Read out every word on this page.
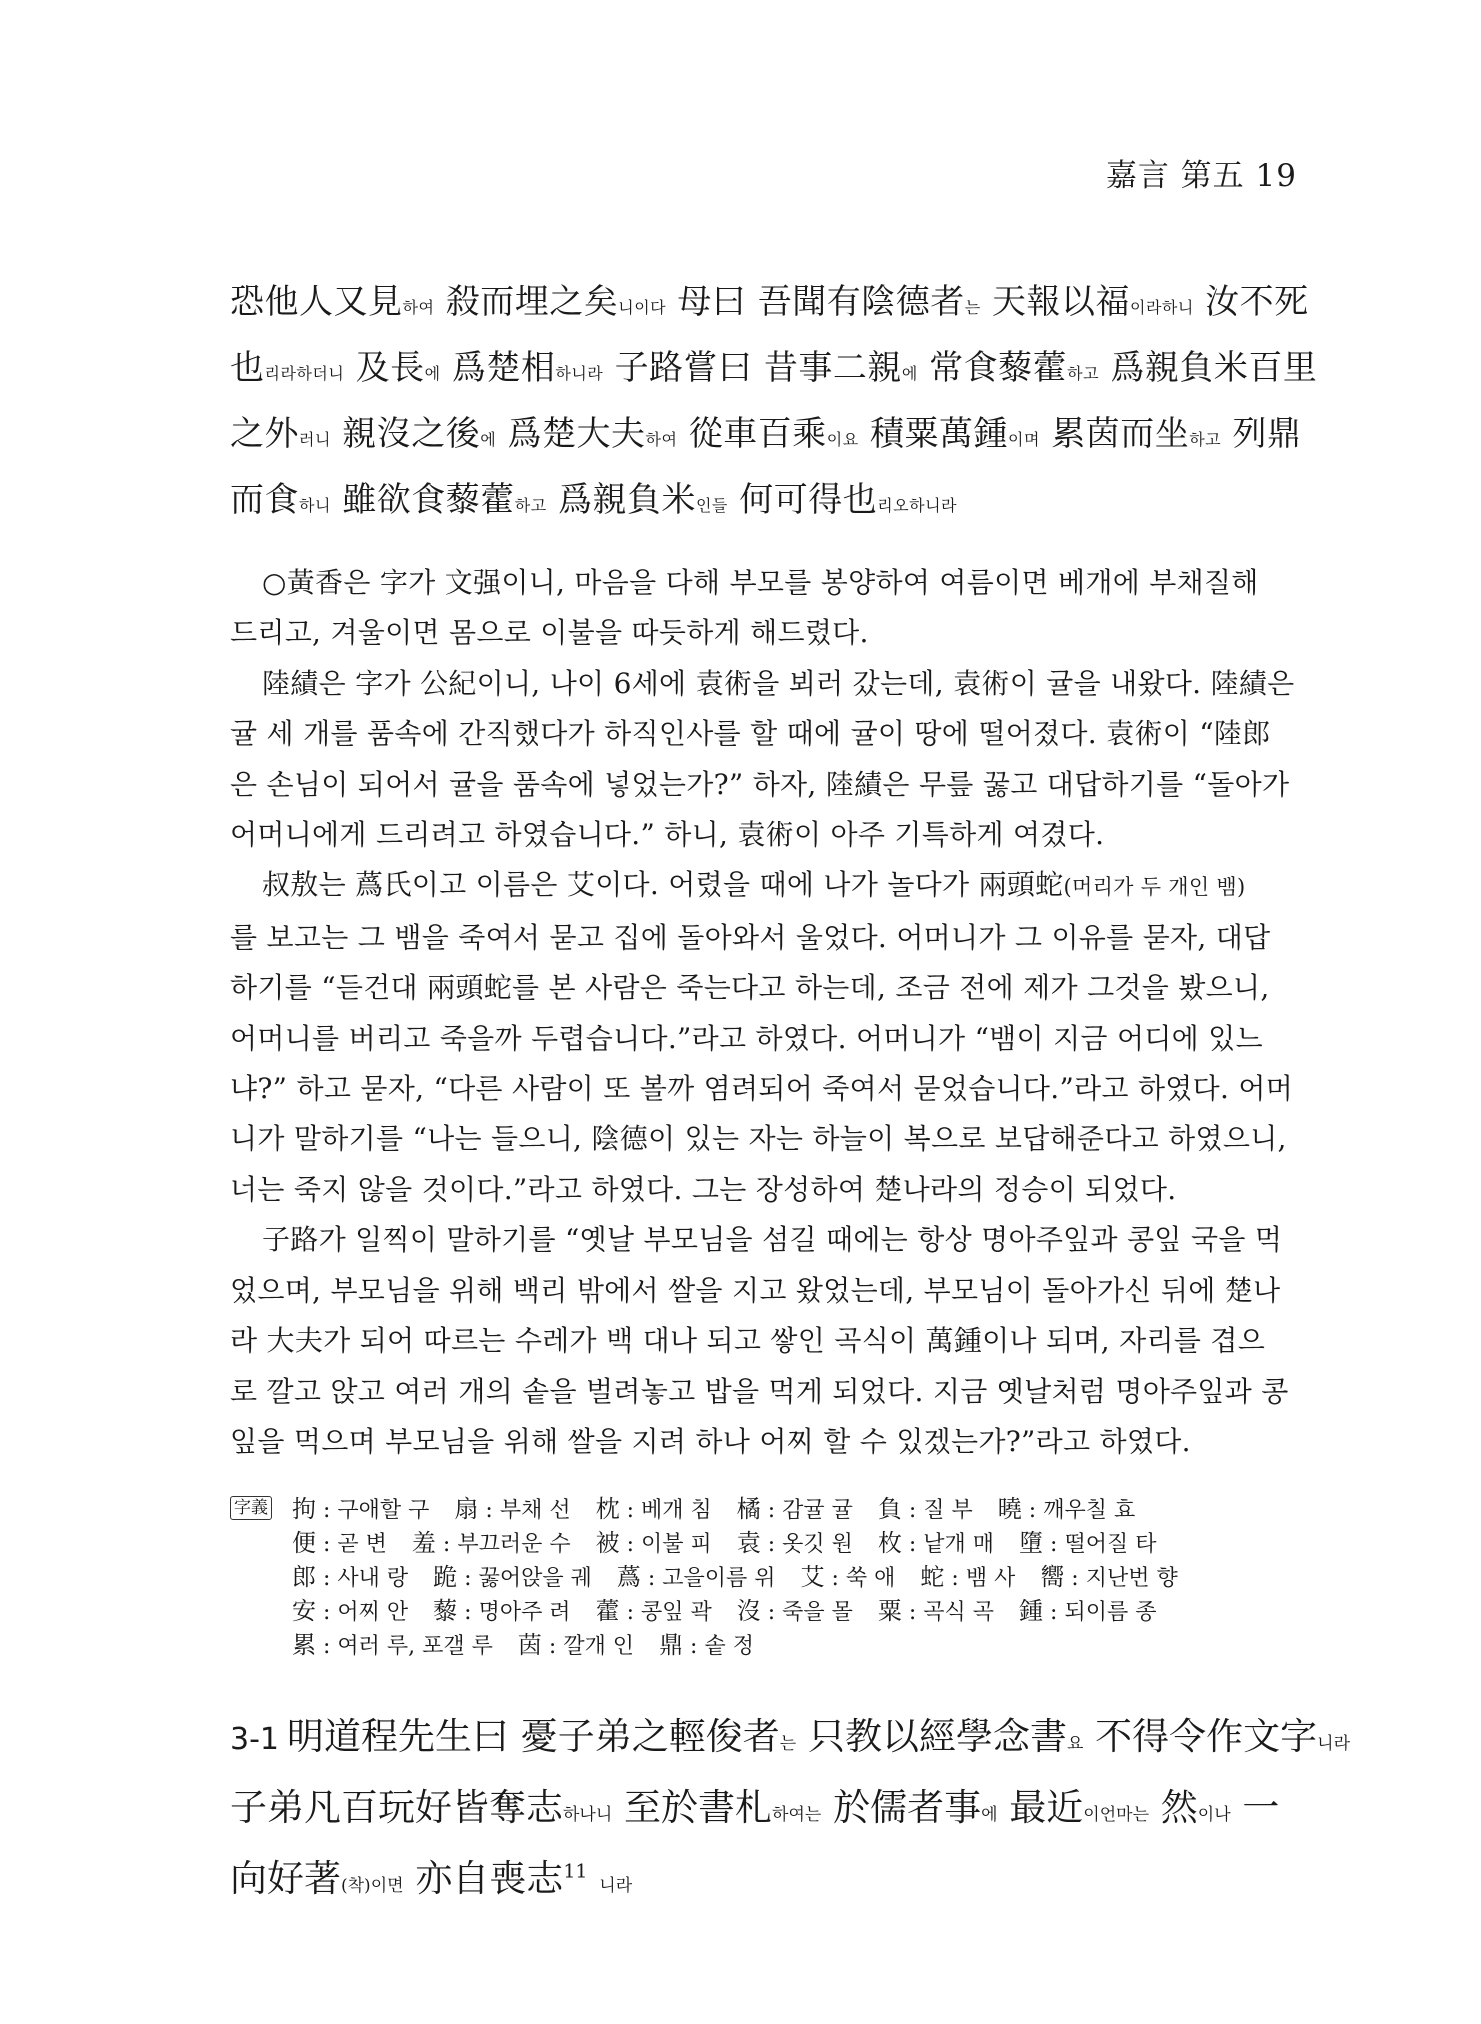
嘉言 第五 19
恐他人又見하여 殺而埋之矣니이다 母曰 吾聞有陰德者는 天報以福이라하니 汝不死
也리라하더니 及長에 爲楚相하니라 子路嘗曰 昔事二親에 常食藜藿하고 爲親負米百里
之外러니 親沒之後에 爲楚大夫하여 從車百乘이요 積粟萬鍾이며 累茵而坐하고 列鼎
而食하니 雖欲食藜藿하고 爲親負米인들 何可得也리오하니라
○黃香은 字가 文强이니, 마음을 다해 부모를 봉양하여 여름이면 베개에 부채질해
드리고, 겨울이면 몸으로 이불을 따듯하게 해드렸다.
陸績은 字가 公紀이니, 나이 6세에 袁術을 뵈러 갔는데, 袁術이 귤을 내왔다. 陸績은
귤 세 개를 품속에 간직했다가 하직인사를 할 때에 귤이 땅에 떨어졌다. 袁術이 “陸郎
은 손님이 되어서 귤을 품속에 넣었는가?” 하자, 陸績은 무릎 꿇고 대답하기를 “돌아가
어머니에게 드리려고 하였습니다.” 하니, 袁術이 아주 기특하게 여겼다.
叔敖는 蔿氏이고 이름은 艾이다. 어렸을 때에 나가 놀다가 兩頭蛇(머리가 두 개인 뱀)
를 보고는 그 뱀을 죽여서 묻고 집에 돌아와서 울었다. 어머니가 그 이유를 묻자, 대답
하기를 “듣건대 兩頭蛇를 본 사람은 죽는다고 하는데, 조금 전에 제가 그것을 봤으니,
어머니를 버리고 죽을까 두렵습니다.”라고 하였다. 어머니가 “뱀이 지금 어디에 있느
냐?” 하고 묻자, “다른 사람이 또 볼까 염려되어 죽여서 묻었습니다.”라고 하였다. 어머
니가 말하기를 “나는 들으니, 陰德이 있는 자는 하늘이 복으로 보답해준다고 하였으니,
너는 죽지 않을 것이다.”라고 하였다. 그는 장성하여 楚나라의 정승이 되었다.
子路가 일찍이 말하기를 “옛날 부모님을 섬길 때에는 항상 명아주잎과 콩잎 국을 먹
었으며, 부모님을 위해 백리 밖에서 쌀을 지고 왔었는데, 부모님이 돌아가신 뒤에 楚나
라 大夫가 되어 따르는 수레가 백 대나 되고 쌓인 곡식이 萬鍾이나 되며, 자리를 겹으
로 깔고 앉고 여러 개의 솥을 벌려놓고 밥을 먹게 되었다. 지금 옛날처럼 명아주잎과 콩
잎을 먹으며 부모님을 위해 쌀을 지려 하나 어찌 할 수 있겠는가?”라고 하였다.
字義 拘 : 구애할 구 扇 : 부채 선 枕 : 베개 침 橘 : 감귤 귤 負 : 질 부 曉 : 깨우칠 효
便 : 곧 변 羞 : 부끄러운 수 被 : 이불 피 袁 : 옷깃 원 枚 : 낱개 매 墮 : 떨어질 타
郎 : 사내 랑 跪 : 꿇어앉을 궤 蔿 : 고을이름 위 艾 : 쑥 애 蛇 : 뱀 사 嚮 : 지난번 향
安 : 어찌 안 藜 : 명아주 려 藿 : 콩잎 곽 沒 : 죽을 몰 粟 : 곡식 곡 鍾 : 되이름 종
累 : 여러 루, 포갤 루 茵 : 깔개 인 鼎 : 솥 정
3-1 明道程先生曰 憂子弟之輕俊者는 只教以經學念書요 不得令作文字니라
子弟凡百玩好皆奪志하나니 至於書札하여는 於儒者事에 最近이언마는 然이나 一
向好著(착)이면 亦自喪志$^{11}$ 니라
